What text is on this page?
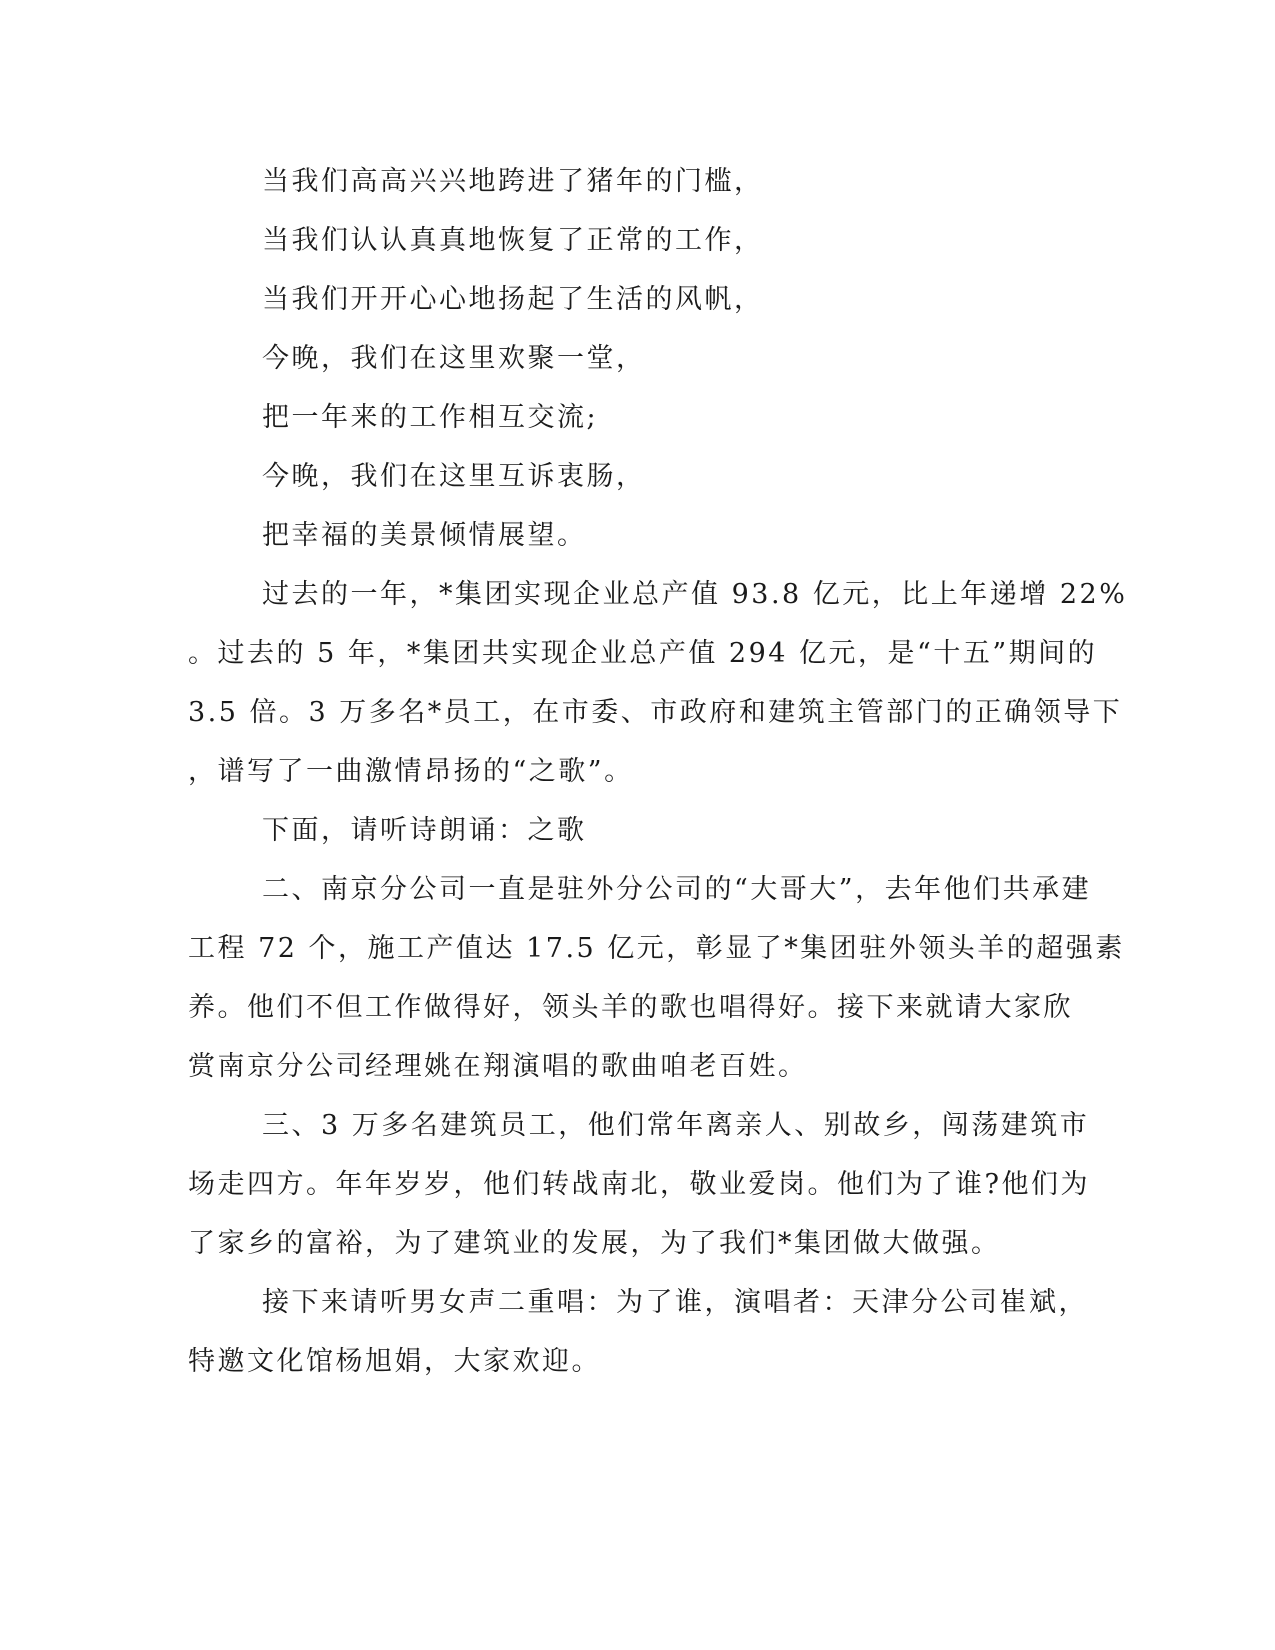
当我们高高兴兴地跨进了猪年的门槛，
当我们认认真真地恢复了正常的工作，
当我们开开心心地扬起了生活的风帆，
今晚，我们在这里欢聚一堂，
把一年来的工作相互交流;
今晚，我们在这里互诉衷肠，
把幸福的美景倾情展望。
过去的一年，*集团实现企业总产值 93.8 亿元，比上年递增 22%
。过去的 5 年，*集团共实现企业总产值 294 亿元，是“十五”期间的
3.5 倍。3 万多名*员工，在市委、市政府和建筑主管部门的正确领导下
，谱写了一曲激情昂扬的“之歌”。
下面，请听诗朗诵：之歌
二、南京分公司一直是驻外分公司的“大哥大”，去年他们共承建
工程 72 个，施工产值达 17.5 亿元，彰显了*集团驻外领头羊的超强素
养。他们不但工作做得好，领头羊的歌也唱得好。接下来就请大家欣
赏南京分公司经理姚在翔演唱的歌曲咱老百姓。
三、3 万多名建筑员工，他们常年离亲人、别故乡，闯荡建筑市
场走四方。年年岁岁，他们转战南北，敬业爱岗。他们为了谁?他们为
了家乡的富裕，为了建筑业的发展，为了我们*集团做大做强。
接下来请听男女声二重唱：为了谁，演唱者：天津分公司崔斌，
特邀文化馆杨旭娟，大家欢迎。
